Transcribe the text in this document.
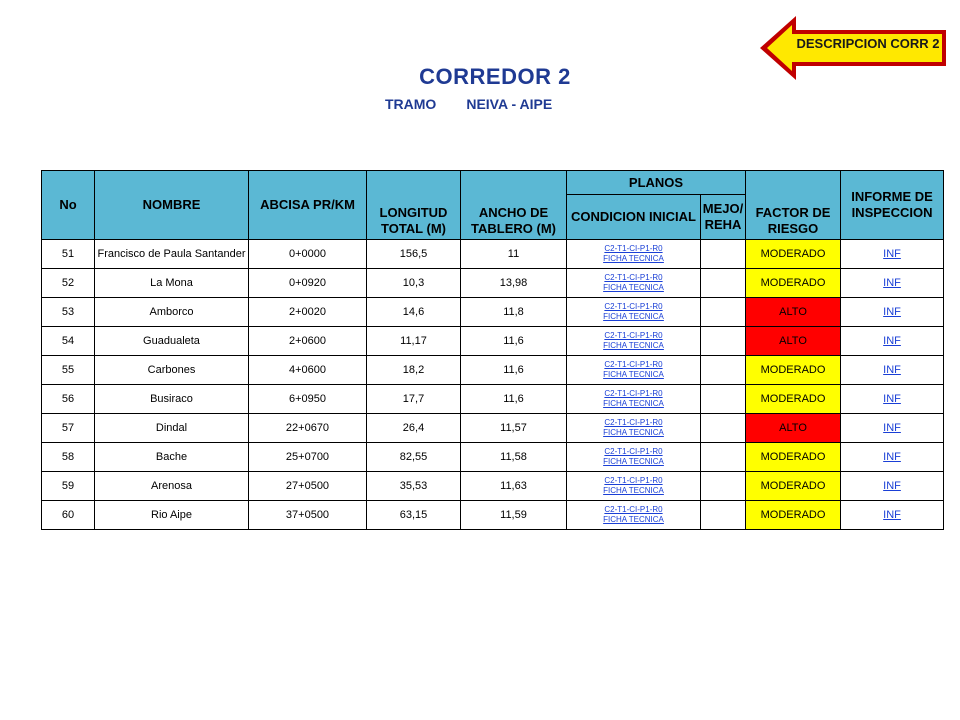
DESCRIPCION CORR 2
CORREDOR 2
TRAMO NEIVA - AIPE
No	NOMBRE	ABCISA PR/KM	LONGITUD TOTAL (M)	ANCHO DE TABLERO (M)	PLANOS		FACTOR DE RIESGO	INFORME DE INSPECCION
					CONDICION INICIAL	MEJO/ REHA		
51	Francisco de Paula Santander	0+0000	156,5	11	C2-T1-CI-P1-R0
FICHA TECNICA		MODERADO	INF
52	La Mona	0+0920	10,3	13,98	C2-T1-CI-P1-R0
FICHA TECNICA		MODERADO	INF
53	Amborco	2+0020	14,6	11,8	C2-T1-CI-P1-R0
FICHA TECNICA		ALTO	INF
54	Guadualeta	2+0600	11,17	11,6	C2-T1-CI-P1-R0
FICHA TECNICA		ALTO	INF
55	Carbones	4+0600	18,2	11,6	C2-T1-CI-P1-R0
FICHA TECNICA		MODERADO	INF
56	Busiraco	6+0950	17,7	11,6	C2-T1-CI-P1-R0
FICHA TECNICA		MODERADO	INF
57	Dindal	22+0670	26,4	11,57	C2-T1-CI-P1-R0
FICHA TECNICA		ALTO	INF
58	Bache	25+0700	82,55	11,58	C2-T1-CI-P1-R0
FICHA TECNICA		MODERADO	INF
59	Arenosa	27+0500	35,53	11,63	C2-T1-CI-P1-R0
FICHA TECNICA		MODERADO	INF
60	Rio Aipe	37+0500	63,15	11,59	C2-T1-CI-P1-R0
FICHA TECNICA		MODERADO	INF
